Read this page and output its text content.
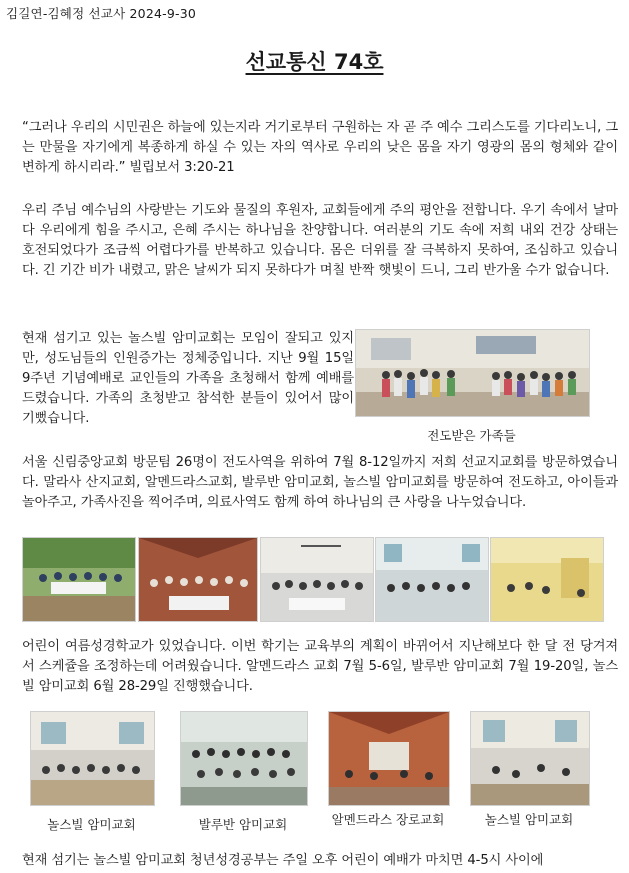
김길연-김혜정 선교사 2024-9-30
선교통신 74호
“그러나 우리의 시민권은 하늘에 있는지라 거기로부터 구원하는 자 곧 주 예수 그리스도를 기다리노니, 그는 만물을 자기에게 복종하게 하실 수 있는 자의 역사로 우리의 낮은 몸을 자기 영광의 몸의 형체와 같이 변하게 하시리라.” 빌립보서 3:20-21
우리 주님 예수님의 사랑받는 기도와 물질의 후원자, 교회들에게 주의 평안을 전합니다. 우기 속에서 날마다 우리에게 힘을 주시고, 은혜 주시는 하나님을 찬양합니다. 여러분의 기도 속에 저희 내외 건강 상태는 호전되었다가 조금씩 어렵다가를 반복하고 있습니다. 몸은 더위를 잘 극복하지 못하여, 조심하고 있습니다. 긴 기간 비가 내렸고, 맑은 날씨가 되지 못하다가 며칠 반짝 햇빛이 드니, 그리 반가울 수가 없습니다.
현재 섬기고 있는 놀스빌 암미교회는 모임이 잘되고 있지만, 성도님들의 인원증가는 정체중입니다. 지난 9월 15일 9주년 기념예배로 교인들의 가족을 초청해서 함께 예배를 드렸습니다. 가족의 초청받고 참석한 분들이 있어서 많이 기뻤습니다.
전도받은 가족들
서울 신림중앙교회 방문팀 26명이 전도사역을 위하여 7월 8-12일까지 저희 선교지교회를 방문하였습니다. 말라사 산지교회, 알멘드라스교회, 발루반 암미교회, 놀스빌 암미교회를 방문하여 전도하고, 아이들과 놀아주고, 가족사진을 찍어주며, 의료사역도 함께 하여 하나님의 큰 사랑을 나누었습니다.
어린이 여름성경학교가 있었습니다. 이번 학기는 교육부의 계획이 바뀌어서 지난해보다 한 달 전 당겨져서 스케쥴을 조정하는데 어려웠습니다. 알멘드라스 교회 7월 5-6일, 발루반 암미교회 7월 19-20일, 놀스빌 암미교회 6월 28-29일 진행했습니다.
놀스빌 암미교회	발루반 암미교회	알멘드라스 장로교회	놀스빌 암미교회
현재 섬기는 놀스빌 암미교회 청년성경공부는 주일 오후 어린이 예배가 마치면 4-5시 사이에
